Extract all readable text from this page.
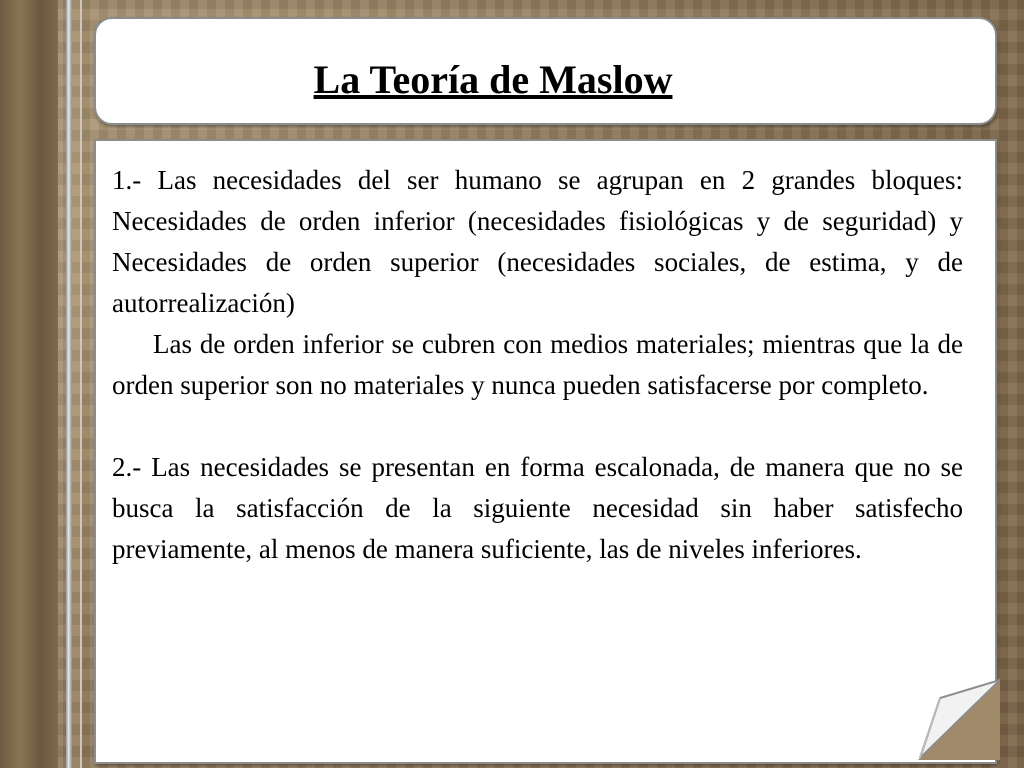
La Teoría de Maslow

1.- Las necesidades del ser humano se agrupan en 2 grandes bloques: Necesidades de orden inferior (necesidades fisiológicas y de seguridad) y Necesidades de orden superior (necesidades sociales, de estima, y de autorrealización)

Las de orden inferior se cubren con medios materiales; mientras que la de orden superior son no materiales y nunca pueden satisfacerse por completo.

2.- Las necesidades se presentan en forma escalonada, de manera que no se busca la satisfacción de la siguiente necesidad sin haber satisfecho previamente, al menos de manera suficiente, las de niveles inferiores.
